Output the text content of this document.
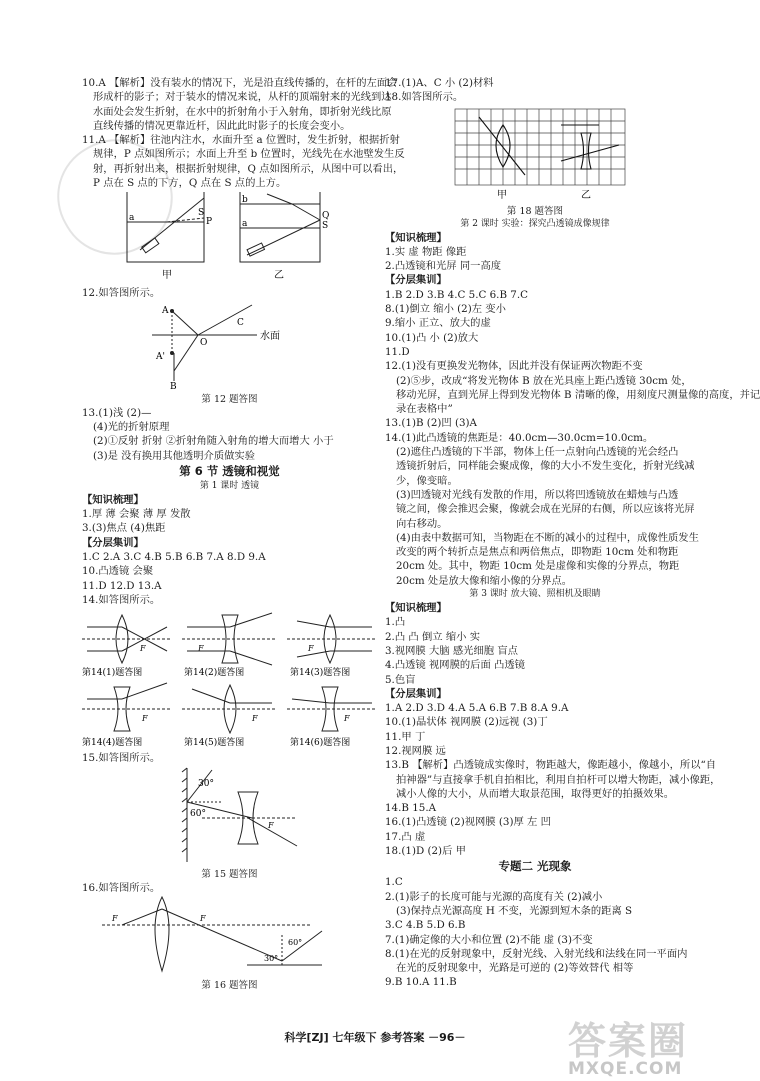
10.A 【解析】没有装水的情况下，光是沿直线传播的，在杆的左面会
形成杆的影子；对于装水的情况来说，从杆的顶端射来的光线到达
水面处会发生折射，在水中的折射角小于入射角，即折射光线比原
直线传播的情况更靠近杆，因此此时影子的长度会变小。
11.A 【解析】往池内注水，水面升至 a 位置时，发生折射，根据折射
规律，P 点如图所示；水面上升至 b 位置时，光线先在水池壁发生反
射，再折射出来，根据折射规律，Q 点如图所示，从图中可以看出，
P 点在 S 点的下方，Q 点在 S 点的上方。
S
P
a
b
a
Q
S
甲	乙
12.如答图所示。
A
A'
C
O
B
水面
第 12 题答图
13.(1)浅 (2)—
(4)光的折射原理
(2)①反射 折射 ②折射角随入射角的增大而增大 小于
(3)是 没有换用其他透明介质做实验
第 6 节 透镜和视觉
第 1 课时 透镜
【知识梳理】
1.厚 薄 会聚 薄 厚 发散
3.(3)焦点 (4)焦距
【分层集训】
1.C 2.A 3.C 4.B 5.B 6.B 7.A 8.D 9.A
10.凸透镜 会聚
11.D 12.D 13.A
14.如答图所示。
F	F	F
F	F	F
第14(1)题答图	第14(2)题答图	第14(3)题答图
第14(4)题答图	第14(5)题答图	第14(6)题答图
15.如答图所示。
30°
60°
F
第 15 题答图
16.如答图所示。
F	F
30°
60°
第 16 题答图
17.(1)A、C 小 (2)材料
18.如答图所示。
甲	乙
第 18 题答图
第 2 课时 实验：探究凸透镜成像规律
【知识梳理】
1.实 虚 物距 像距
2.凸透镜和光屏 同一高度
【分层集训】
1.B 2.D 3.B 4.C 5.C 6.B 7.C
8.(1)倒立 缩小 (2)左 变小
9.缩小 正立、放大的虚
10.(1)凸 小 (2)放大
11.D
12.(1)没有更换发光物体，因此并没有保证两次物距不变
(2)⑤步，改成“将发光物体 B 放在光具座上距凸透镜 30cm 处，
移动光屏，直到光屏上得到发光物体 B 清晰的像，用刻度尺测量像的高度，并记
录在表格中”
13.(1)B (2)凹 (3)A
14.(1)此凸透镜的焦距是：40.0cm—30.0cm=10.0cm。
(2)遮住凸透镜的下半部，物体上任一点射向凸透镜的光会经凸
透镜折射后，同样能会聚成像，像的大小不发生变化，折射光线减
少，像变暗。
(3)凹透镜对光线有发散的作用，所以将凹透镜放在蜡烛与凸透
镜之间，像会推迟会聚，像就会成在光屏的右侧，所以应该将光屏
向右移动。
(4)由表中数据可知，当物距在不断的减小的过程中，成像性质发生
改变的两个转折点是焦点和两倍焦点，即物距 10cm 处和物距
20cm 处。其中，物距 10cm 处是虚像和实像的分界点，物距
20cm 处是放大像和缩小像的分界点。
第 3 课时 放大镜、照相机及眼睛
【知识梳理】
1.凸
2.凸 凸 倒立 缩小 实
3.视网膜 大脑 感光细胞 盲点
4.凸透镜 视网膜的后面 凸透镜
5.色盲
【分层集训】
1.A 2.D 3.D 4.A 5.A 6.B 7.B 8.A 9.A
10.(1)晶状体 视网膜 (2)远视 (3)丁
11.甲 丁
12.视网膜 远
13.B 【解析】凸透镜成实像时，物距越大，像距越小，像越小，所以“自
拍神器”与直接拿手机自拍相比，利用自拍杆可以增大物距，减小像距，
减小人像的大小，从而增大取景范围，取得更好的拍摄效果。
14.B 15.A
16.(1)凸透镜 (2)视网膜 (3)厚 左 凹
17.凸 虚
18.(1)D (2)后 甲
专题二 光现象
1.C
2.(1)影子的长度可能与光源的高度有关 (2)减小
(3)保持点光源高度 H 不变，光源到短木条的距离 S
3.C 4.B 5.D 6.B
7.(1)确定像的大小和位置 (2)不能 虚 (3)不变
8.(1)在光的反射现象中，反射光线、入射光线和法线在同一平面内
在光的反射现象中，光路是可逆的 (2)等效替代 相等
9.B 10.A 11.B
科学[ZJ] 七年级下 参考答案 －96－	答案圈
MXQE.COM
